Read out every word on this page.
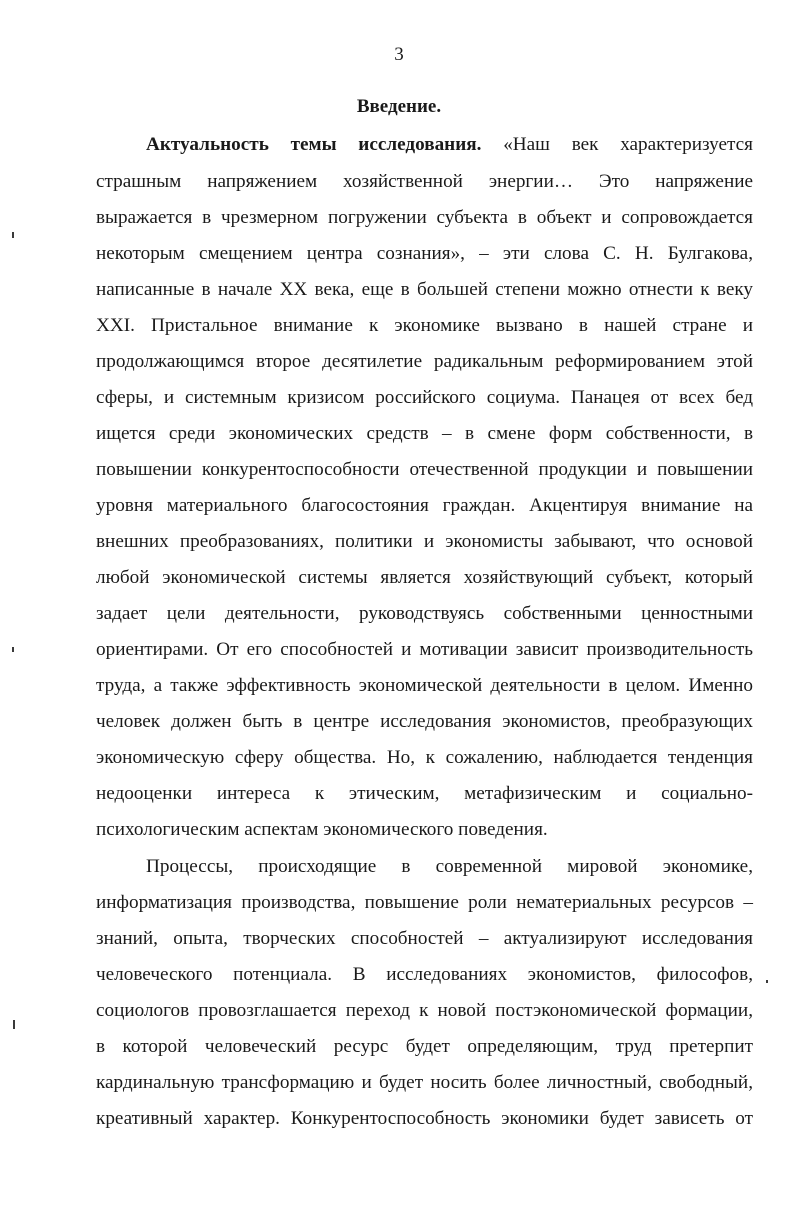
3
Введение.
Актуальность темы исследования. «Наш век характеризуется
страшным напряжением хозяйственной энергии… Это напряжение
выражается в чрезмерном погружении субъекта в объект и сопровождается
некоторым смещением центра сознания», – эти слова С. Н. Булгакова,
написанные в начале XX века, еще в большей степени можно отнести к веку
XXI. Пристальное внимание к экономике вызвано в нашей стране и
продолжающимся второе десятилетие радикальным реформированием этой
сферы, и системным кризисом российского социума. Панацея от всех бед
ищется среди экономических средств – в смене форм собственности, в
повышении конкурентоспособности отечественной продукции и повышении
уровня материального благосостояния граждан. Акцентируя внимание на
внешних преобразованиях, политики и экономисты забывают, что основой
любой экономической системы является хозяйствующий субъект, который
задает цели деятельности, руководствуясь собственными ценностными
ориентирами. От его способностей и мотивации зависит производительность
труда, а также эффективность экономической деятельности в целом. Именно
человек должен быть в центре исследования экономистов, преобразующих
экономическую сферу общества. Но, к сожалению, наблюдается тенденция
недооценки интереса к этическим, метафизическим и социально-
психологическим аспектам экономического поведения.
Процессы, происходящие в современной мировой экономике,
информатизация производства, повышение роли нематериальных ресурсов –
знаний, опыта, творческих способностей – актуализируют исследования
человеческого потенциала. В исследованиях экономистов, философов,
социологов провозглашается переход к новой постэкономической формации,
в которой человеческий ресурс будет определяющим, труд претерпит
кардинальную трансформацию и будет носить более личностный, свободный,
креативный характер. Конкурентоспособность экономики будет зависеть от
